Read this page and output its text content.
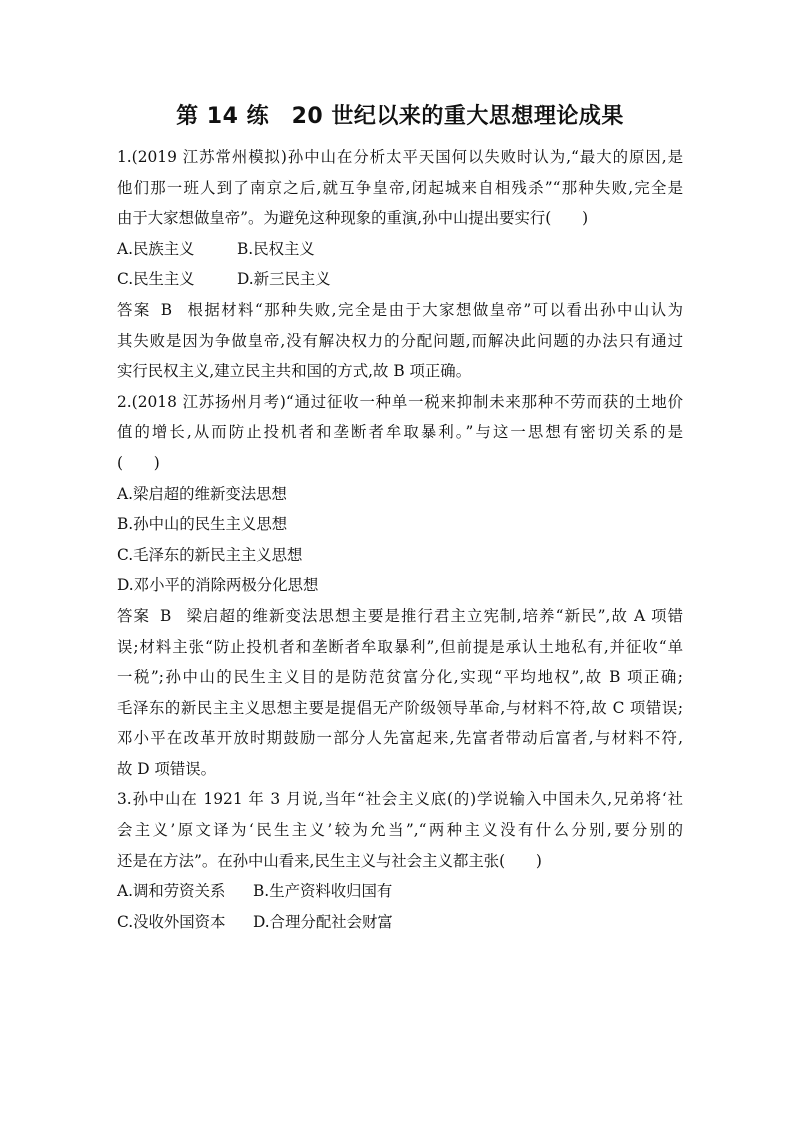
第 14 练　20 世纪以来的重大思想理论成果
1.(2019 江苏常州模拟)孙中山在分析太平天国何以失败时认为,“最大的原因,是
他们那一班人到了南京之后,就互争皇帝,闭起城来自相残杀”“那种失败,完全是
由于大家想做皇帝”。为避免这种现象的重演,孙中山提出要实行(　　)
A.民族主义	B.民权主义
C.民生主义	D.新三民主义
答案 B 根据材料“那种失败,完全是由于大家想做皇帝”可以看出孙中山认为
其失败是因为争做皇帝,没有解决权力的分配问题,而解决此问题的办法只有通过
实行民权主义,建立民主共和国的方式,故 B 项正确。
2.(2018 江苏扬州月考)“通过征收一种单一税来抑制未来那种不劳而获的土地价
值的增长,从而防止投机者和垄断者牟取暴利。”与这一思想有密切关系的是
(　　)
A.梁启超的维新变法思想
B.孙中山的民生主义思想
C.毛泽东的新民主主义思想
D.邓小平的消除两极分化思想
答案 B 梁启超的维新变法思想主要是推行君主立宪制,培养“新民”,故 A 项错
误;材料主张“防止投机者和垄断者牟取暴利”,但前提是承认土地私有,并征收“单
一税”;孙中山的民生主义目的是防范贫富分化,实现“平均地权”,故 B 项正确;
毛泽东的新民主主义思想主要是提倡无产阶级领导革命,与材料不符,故 C 项错误;
邓小平在改革开放时期鼓励一部分人先富起来,先富者带动后富者,与材料不符,
故 D 项错误。
3.孙中山在 1921 年 3 月说,当年“社会主义底(的)学说输入中国未久,兄弟将‘社
会主义’原文译为‘民生主义’较为允当”,“两种主义没有什么分别,要分别的
还是在方法”。在孙中山看来,民生主义与社会主义都主张(　　)
A.调和劳资关系 B.生产资料收归国有
C.没收外国资本 D.合理分配社会财富
